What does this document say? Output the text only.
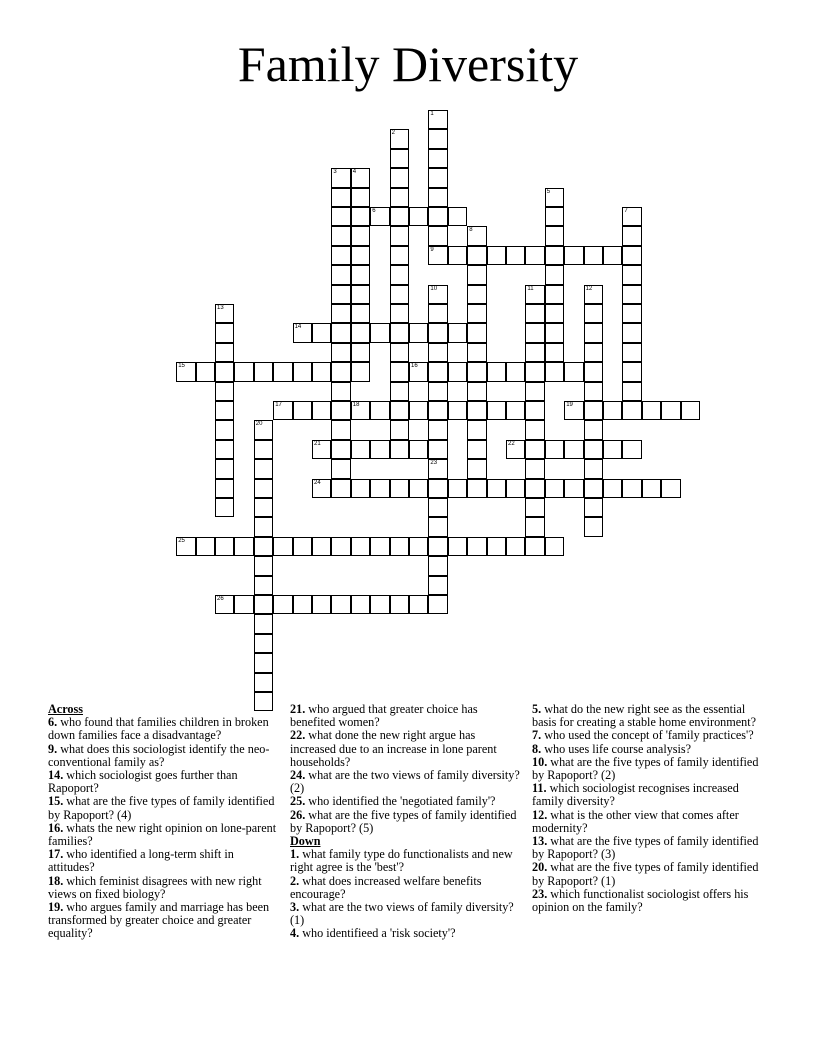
Family Diversity
6
9
14
15	16
17	18	19
21	22
24
25
26
1
2
3	4
5
7
8
10
23
11	12
13
20
Across
6. who found that families children in broken down families face a disadvantage?
9. what does this sociologist identify the neo-conventional family as?
14. which sociologist goes further than Rapoport?
15. what are the five types of family identified by Rapoport? (4)
16. whats the new right opinion on lone-parent families?
17. who identified a long-term shift in attitudes?
18. which feminist disagrees with new right views on fixed biology?
19. who argues family and marriage has been transformed by greater choice and greater equality?
21. who argued that greater choice has benefited women?
22. what done the new right argue has increased due to an increase in lone parent households?
24. what are the two views of family diversity? (2)
25. who identified the 'negotiated family'?
26. what are the five types of family identified by Rapoport? (5)
Down
1. what family type do functionalists and new right agree is the 'best'?
2. what does increased welfare benefits encourage?
3. what are the two views of family diversity? (1)
4. who identifieed a 'risk society'?
5. what do the new right see as the essential basis for creating a stable home environment?
7. who used the concept of 'family practices'?
8. who uses life course analysis?
10. what are the five types of family identified by Rapoport? (2)
11. which sociologist recognises increased family diversity?
12. what is the other view that comes after modernity?
13. what are the five types of family identified by Rapoport? (3)
20. what are the five types of family identified by Rapoport? (1)
23. which functionalist sociologist offers his opinion on the family?
